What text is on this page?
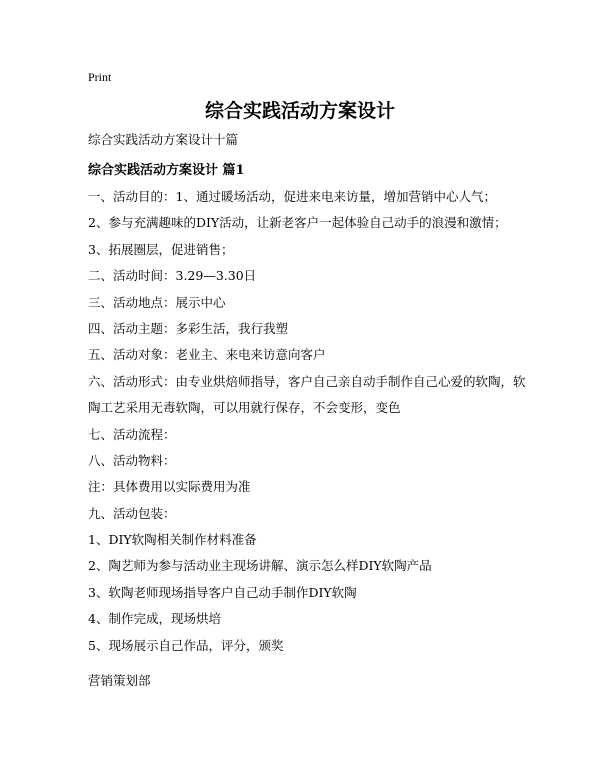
Print
综合实践活动方案设计
综合实践活动方案设计十篇
综合实践活动方案设计 篇1
一、活动目的：1、通过暖场活动，促进来电来访量，增加营销中心人气；
2、参与充满趣味的DIY活动，让新老客户一起体验自己动手的浪漫和激情；
3、拓展圈层，促进销售；
二、活动时间：3.29—3.30日
三、活动地点：展示中心
四、活动主题：多彩生活，我行我塑
五、活动对象：老业主、来电来访意向客户
六、活动形式：由专业烘焙师指导，客户自己亲自动手制作自己心爱的软陶，软
陶工艺采用无毒软陶，可以用就行保存，不会变形，变色
七、活动流程：
八、活动物料：
注：具体费用以实际费用为准
九、活动包装：
1、DIY软陶相关制作材料准备
2、陶艺师为参与活动业主现场讲解、演示怎么样DIY软陶产品
3、软陶老师现场指导客户自己动手制作DIY软陶
4、制作完成，现场烘培
5、现场展示自己作品，评分，颁奖
营销策划部
